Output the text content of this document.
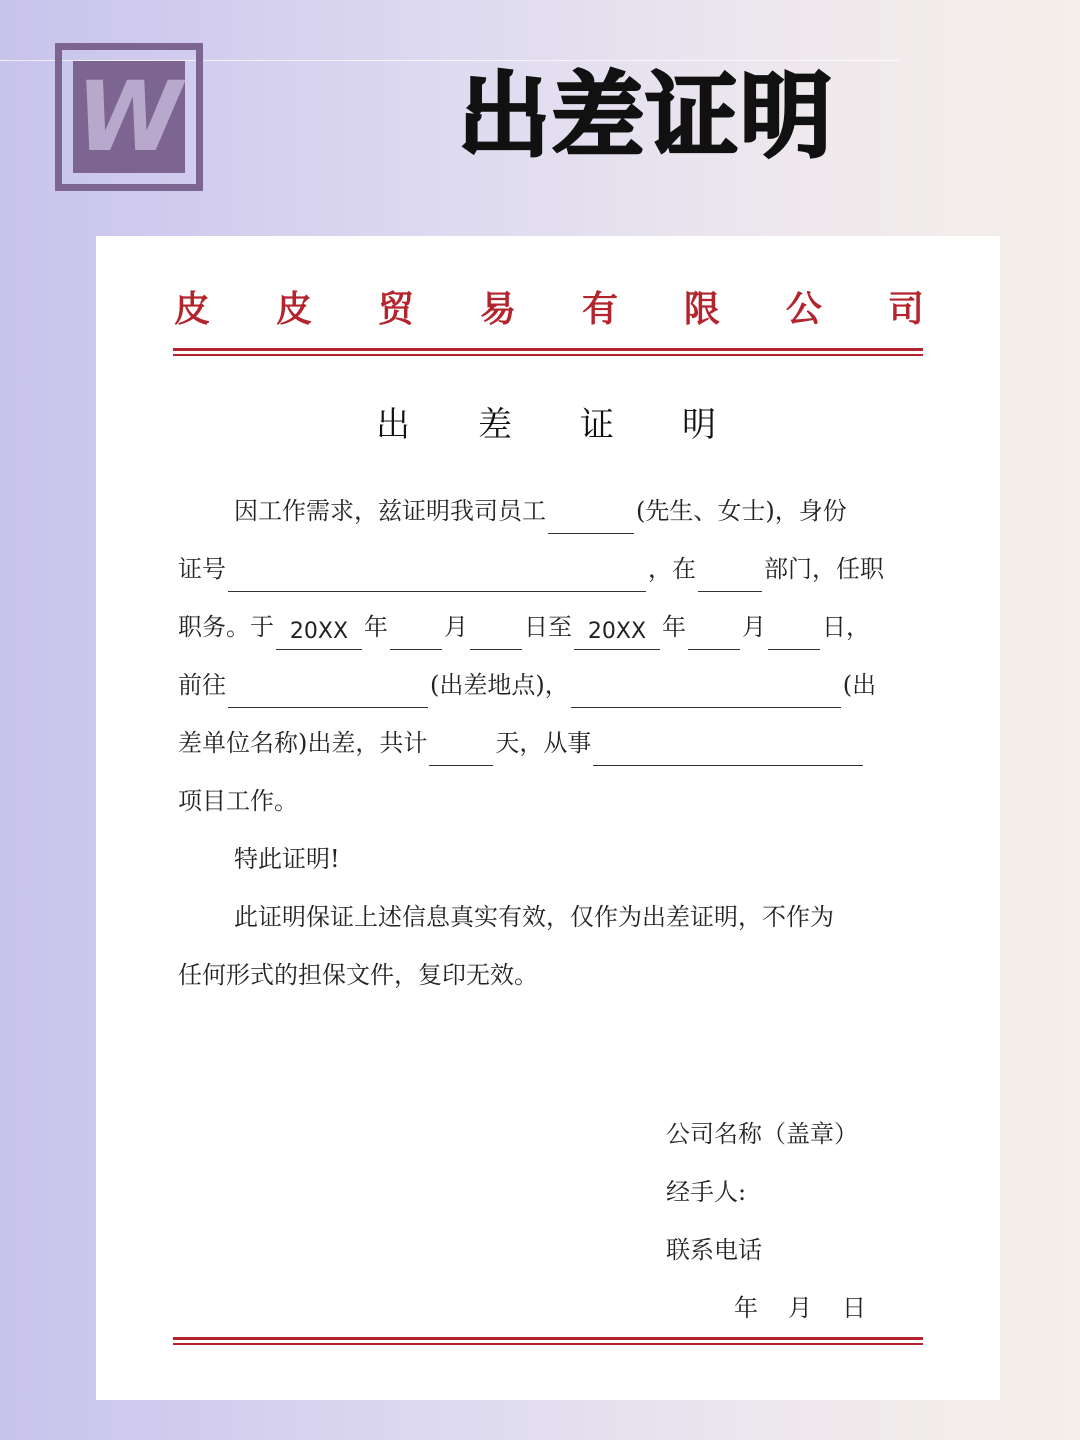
W	出差证明
皮 皮 贸 易 有 限 公 司
出 差 证 明
因工作需求，兹证明我司员工	(先生、女士)，身份
证号	，在	部门，任职
职务。于 20XX 年 月 日至 20XX 年 月 日，
前往	(出差地点)，	(出
差单位名称)出差，共计	天，从事
项目工作。
特此证明!
此证明保证上述信息真实有效，仅作为出差证明，不作为
任何形式的担保文件，复印无效。
公司名称（盖章）
经手人:
联系电话
年 月 日
